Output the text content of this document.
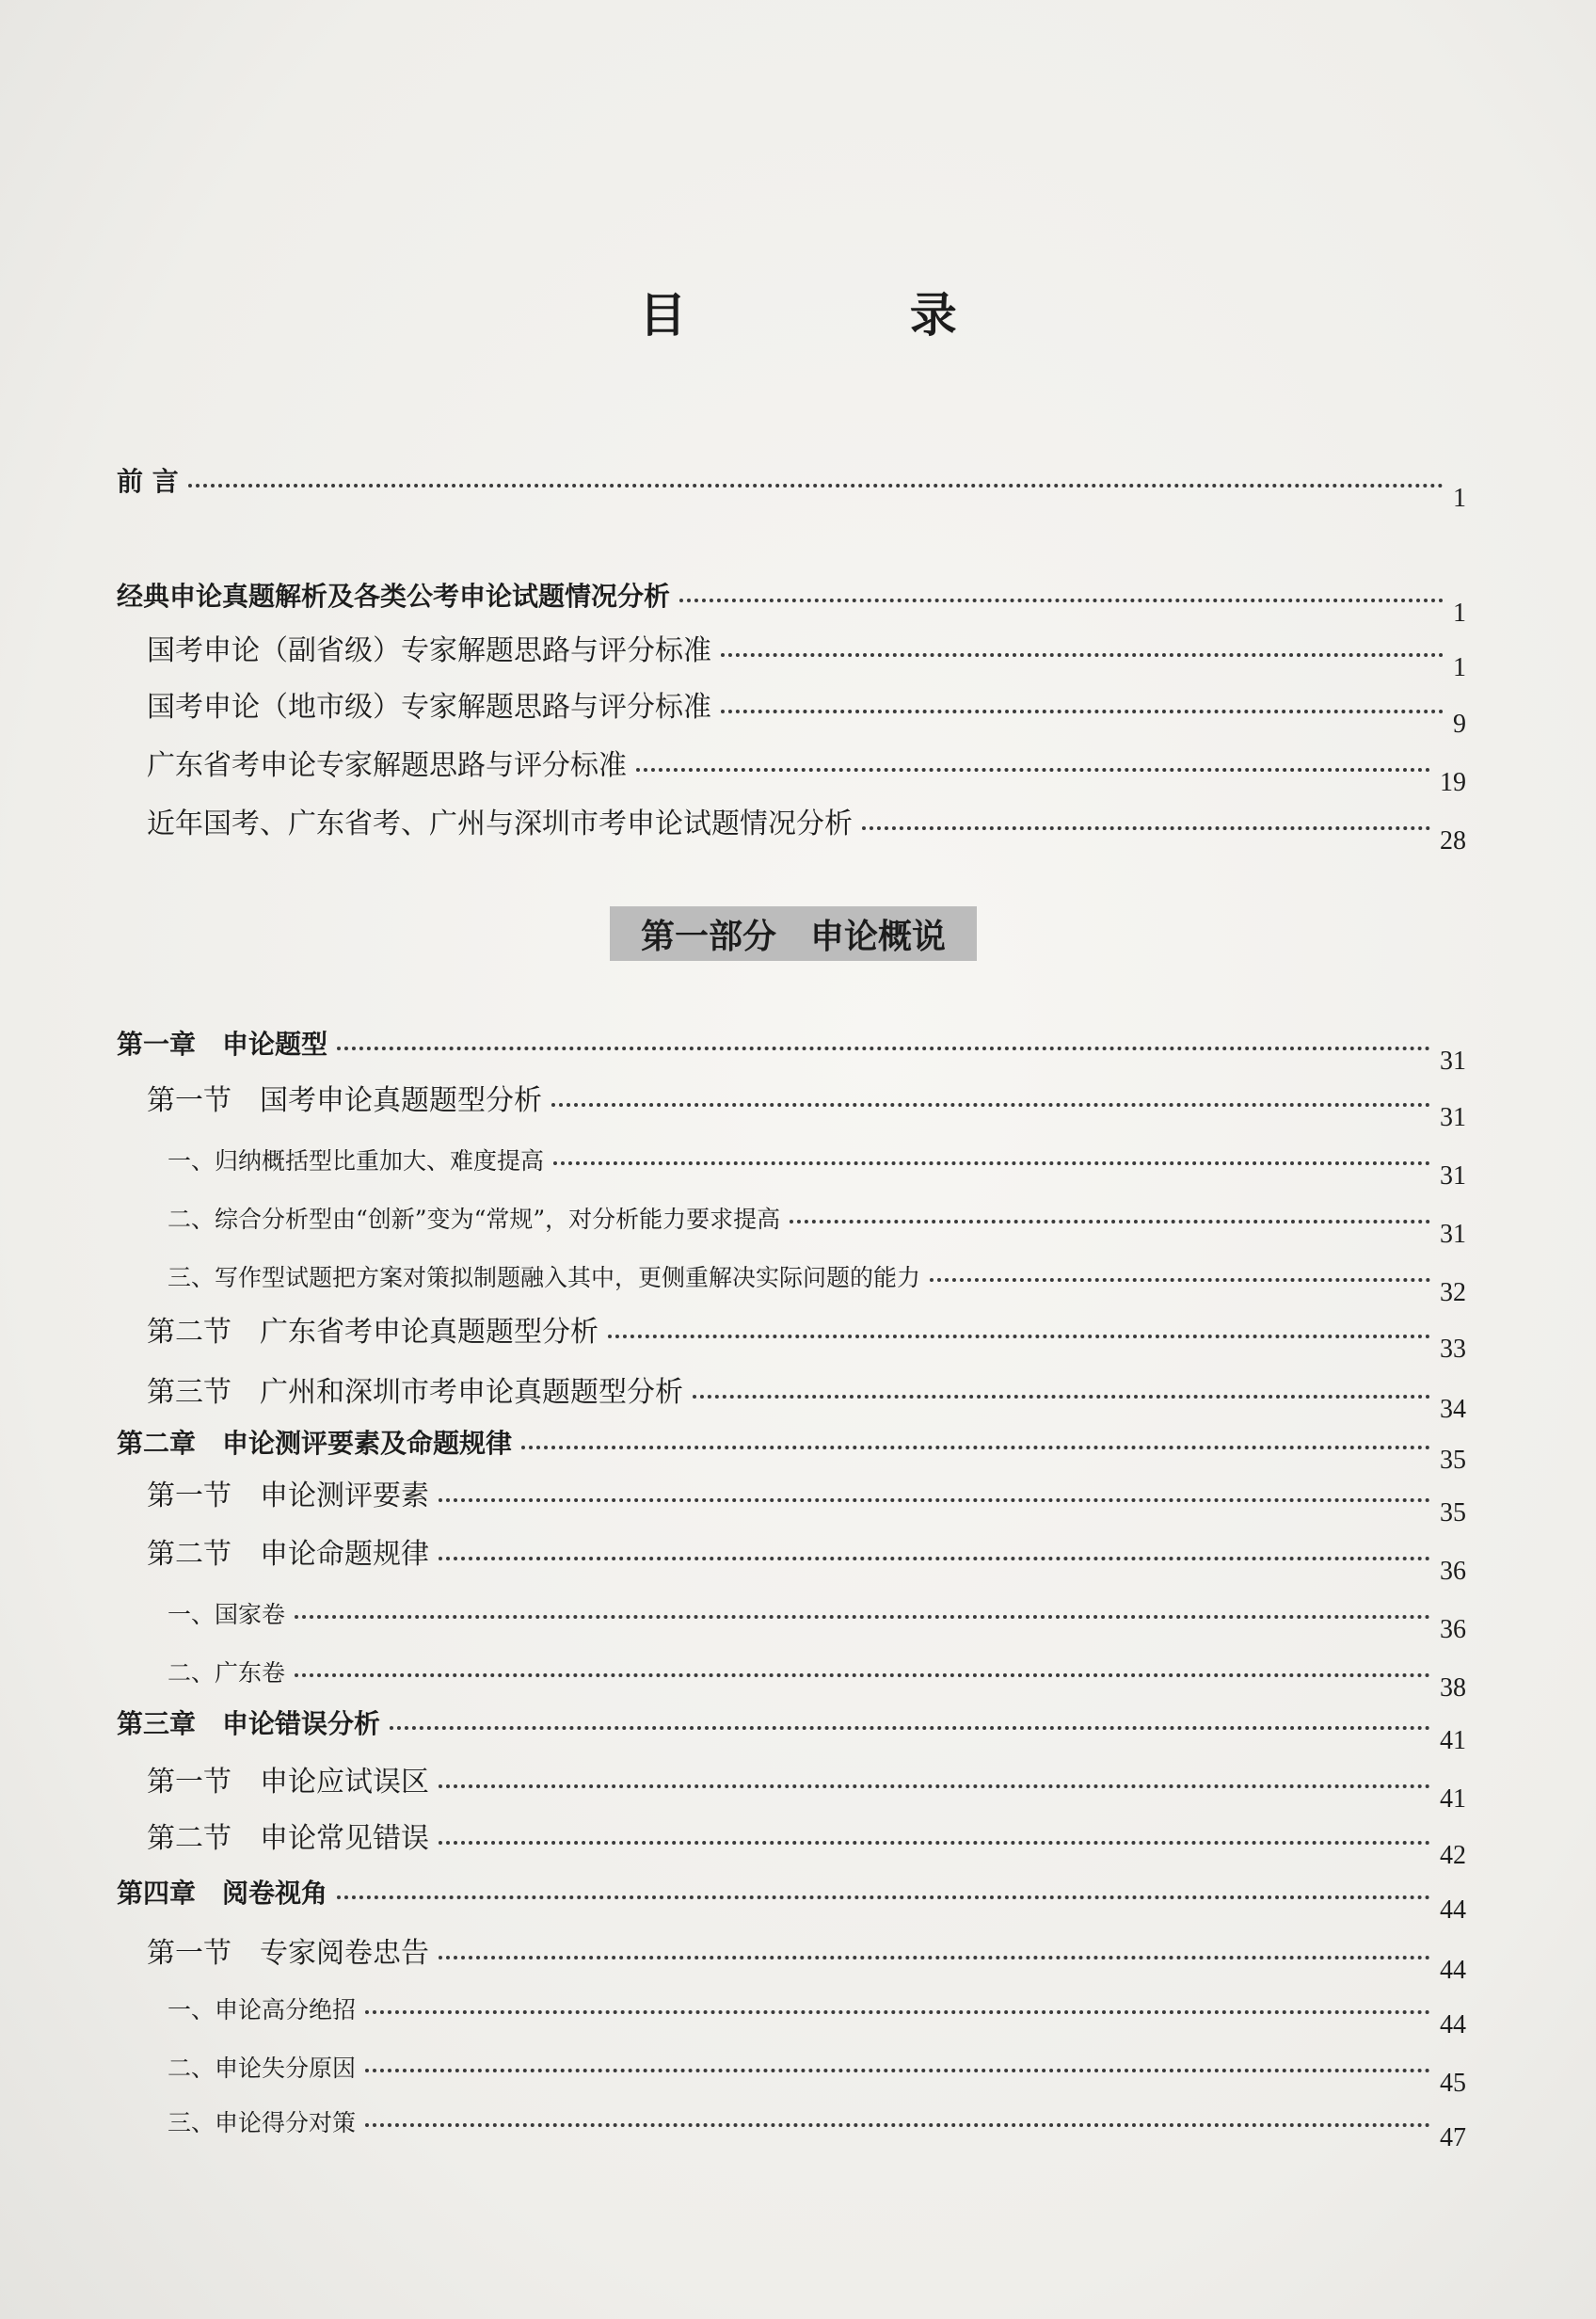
目 录
前 言
1
经典申论真题解析及各类公考申论试题情况分析
1
国考申论（副省级）专家解题思路与评分标准
1
国考申论（地市级）专家解题思路与评分标准
9
广东省考申论专家解题思路与评分标准
19
近年国考、广东省考、广州与深圳市考申论试题情况分析
28
第一部分　申论概说
第一章　申论题型
31
第一节　国考申论真题题型分析
31
一、归纳概括型比重加大、难度提高
31
二、综合分析型由“创新”变为“常规”，对分析能力要求提高
31
三、写作型试题把方案对策拟制题融入其中，更侧重解决实际问题的能力
32
第二节　广东省考申论真题题型分析
33
第三节　广州和深圳市考申论真题题型分析
34
第二章　申论测评要素及命题规律
35
第一节　申论测评要素
35
第二节　申论命题规律
36
一、国家卷
36
二、广东卷
38
第三章　申论错误分析
41
第一节　申论应试误区
41
第二节　申论常见错误
42
第四章　阅卷视角
44
第一节　专家阅卷忠告
44
一、申论高分绝招
44
二、申论失分原因
45
三、申论得分对策
47
